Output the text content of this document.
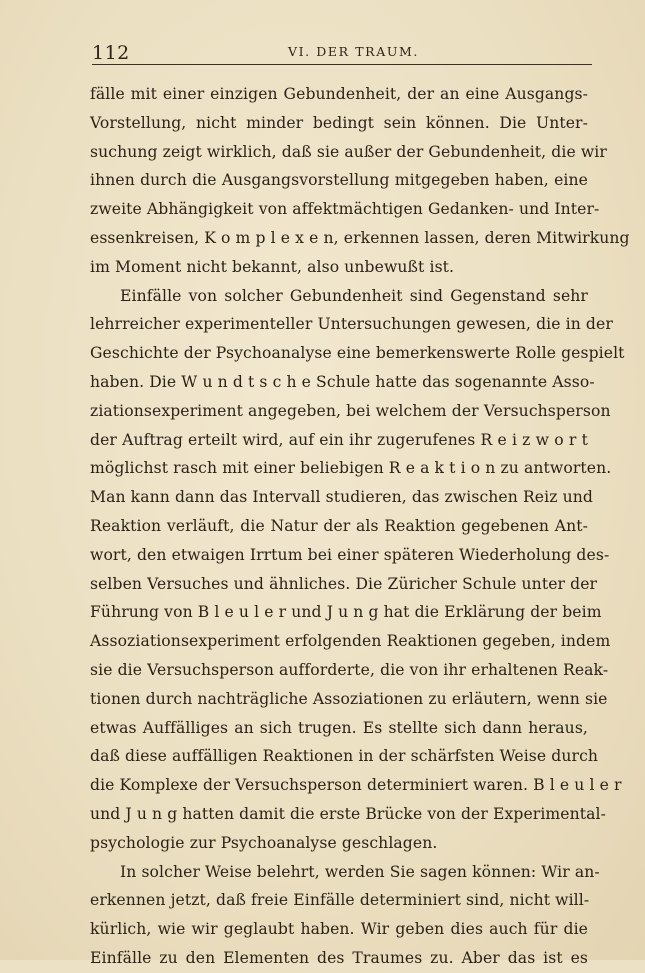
112	VI. DER TRAUM.
fälle mit einer einzigen Gebundenheit, der an eine Ausgangs-
Vorstellung, nicht minder bedingt sein können. Die Unter-
suchung zeigt wirklich, daß sie außer der Gebundenheit, die wir
ihnen durch die Ausgangsvorstellung mitgegeben haben, eine
zweite Abhängigkeit von affektmächtigen Gedanken- und Inter-
essenkreisen, K o m p l e x e n, erkennen lassen, deren Mitwirkung
im Moment nicht bekannt, also unbewußt ist.
Einfälle von solcher Gebundenheit sind Gegenstand sehr
lehrreicher experimenteller Untersuchungen gewesen, die in der
Geschichte der Psychoanalyse eine bemerkenswerte Rolle gespielt
haben. Die W u n d t s c h e Schule hatte das sogenannte Asso-
ziationsexperiment angegeben, bei welchem der Versuchsperson
der Auftrag erteilt wird, auf ein ihr zugerufenes R e i z w o r t
möglichst rasch mit einer beliebigen R e a k t i o n zu antworten.
Man kann dann das Intervall studieren, das zwischen Reiz und
Reaktion verläuft, die Natur der als Reaktion gegebenen Ant-
wort, den etwaigen Irrtum bei einer späteren Wiederholung des-
selben Versuches und ähnliches. Die Züricher Schule unter der
Führung von B l e u l e r und J u n g hat die Erklärung der beim
Assoziationsexperiment erfolgenden Reaktionen gegeben, indem
sie die Versuchsperson aufforderte, die von ihr erhaltenen Reak-
tionen durch nachträgliche Assoziationen zu erläutern, wenn sie
etwas Auffälliges an sich trugen. Es stellte sich dann heraus,
daß diese auffälligen Reaktionen in der schärfsten Weise durch
die Komplexe der Versuchsperson determiniert waren. B l e u l e r
und J u n g hatten damit die erste Brücke von der Experimental-
psychologie zur Psychoanalyse geschlagen.
In solcher Weise belehrt, werden Sie sagen können: Wir an-
erkennen jetzt, daß freie Einfälle determiniert sind, nicht will-
kürlich, wie wir geglaubt haben. Wir geben dies auch für die
Einfälle zu den Elementen des Traumes zu. Aber das ist es
